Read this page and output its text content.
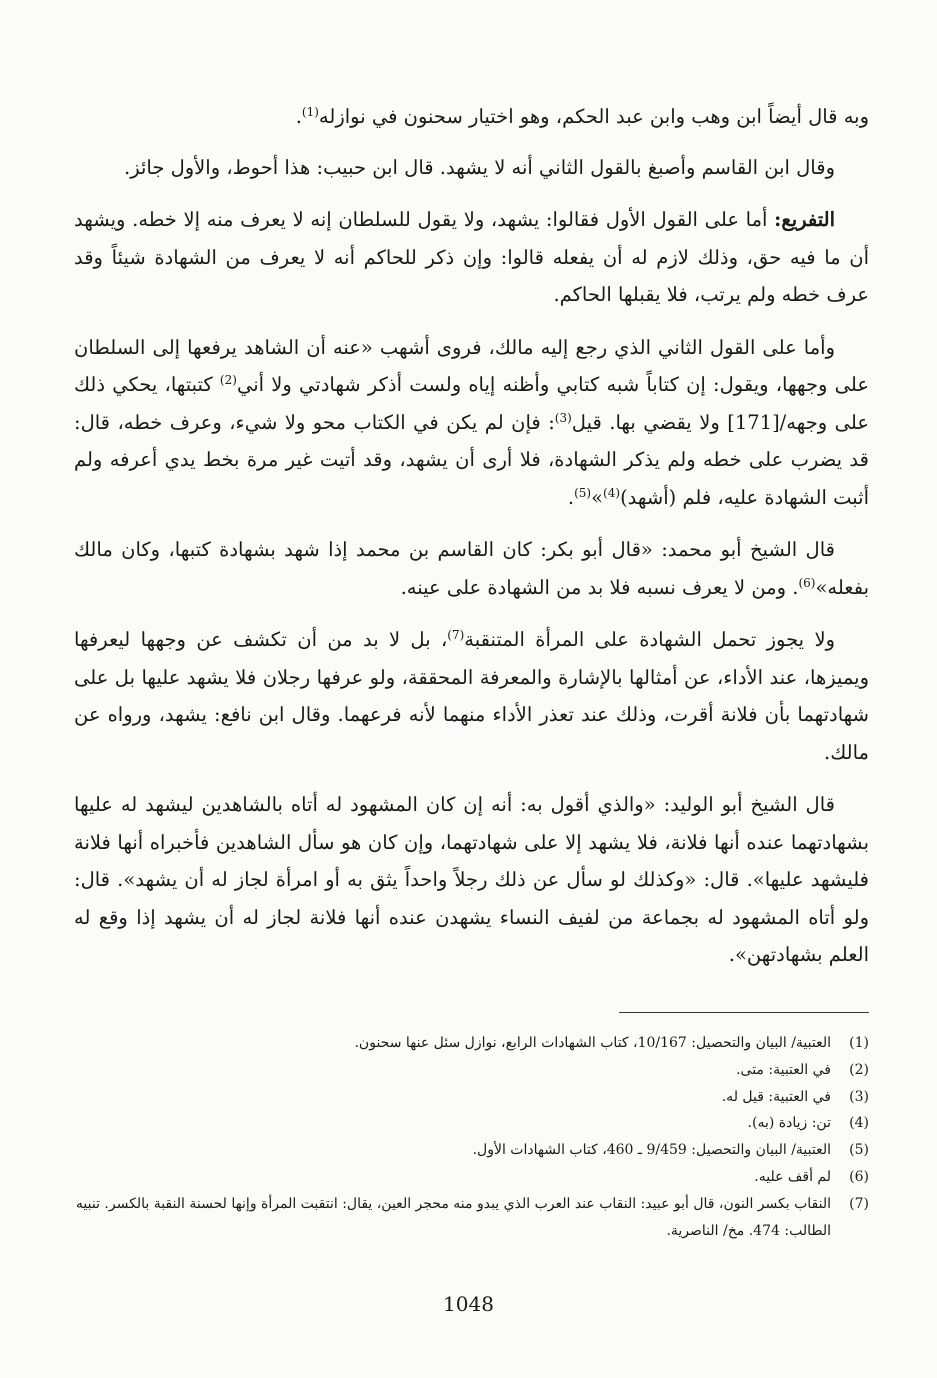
وبه قال أيضاً ابن وهب وابن عبد الحكم، وهو اختيار سحنون في نوازله$^{(1)}$.

وقال ابن القاسم وأصبغ بالقول الثاني أنه لا يشهد. قال ابن حبيب: هذا أحوط، والأول جائز.

التفريع: أما على القول الأول فقالوا: يشهد، ولا يقول للسلطان إنه لا يعرف منه إلا خطه. ويشهد أن ما فيه حق، وذلك لازم له أن يفعله قالوا: وإن ذكر للحاكم أنه لا يعرف من الشهادة شيئاً وقد عرف خطه ولم يرتب، فلا يقبلها الحاكم.

وأما على القول الثاني الذي رجع إليه مالك، فروى أشهب «عنه أن الشاهد يرفعها إلى السلطان على وجهها، ويقول: إن كتاباً شبه كتابي وأظنه إياه ولست أذكر شهادتي ولا أني$^{(2)}$ كتبتها، يحكي ذلك على وجهه/[171] ولا يقضي بها. قيل$^{(3)}$: فإن لم يكن في الكتاب محو ولا شيء، وعرف خطه، قال: قد يضرب على خطه ولم يذكر الشهادة، فلا أرى أن يشهد، وقد أتيت غير مرة بخط يدي أعرفه ولم أثبت الشهادة عليه، فلم (أشهد)$^{(4)}$»$^{(5)}$.

قال الشيخ أبو محمد: «قال أبو بكر: كان القاسم بن محمد إذا شهد بشهادة كتبها، وكان مالك بفعله»$^{(6)}$. ومن لا يعرف نسبه فلا بد من الشهادة على عينه.

ولا يجوز تحمل الشهادة على المرأة المتنقبة$^{(7)}$، بل لا بد من أن تكشف عن وجهها ليعرفها ويميزها، عند الأداء، عن أمثالها بالإشارة والمعرفة المحققة، ولو عرفها رجلان فلا يشهد عليها بل على شهادتهما بأن فلانة أقرت، وذلك عند تعذر الأداء منهما لأنه فرعهما. وقال ابن نافع: يشهد، ورواه عن مالك.

قال الشيخ أبو الوليد: «والذي أقول به: أنه إن كان المشهود له أتاه بالشاهدين ليشهد له عليها بشهادتهما عنده أنها فلانة، فلا يشهد إلا على شهادتهما، وإن كان هو سأل الشاهدين فأخبراه أنها فلانة فليشهد عليها». قال: «وكذلك لو سأل عن ذلك رجلاً واحداً يثق به أو امرأة لجاز له أن يشهد». قال: ولو أتاه المشهود له بجماعة من لفيف النساء يشهدن عنده أنها فلانة لجاز له أن يشهد إذا وقع له العلم بشهادتهن».

(1)
العتبية/ البيان والتحصيل: 10/167، كتاب الشهادات الرابع، نوازل سئل عنها سحنون.
(2)
في العتبية: متى.
(3)
في العتبية: قيل له.
(4)
تن: زيادة (به).
(5)
العتبية/ البيان والتحصيل: 9/459 ـ 460، كتاب الشهادات الأول.
(6)
لم أقف عليه.
(7)
النقاب بكسر النون، قال أبو عبيد: النقاب عند العرب الذي يبدو منه محجر العين، يقال: انتقبت المرأة وإنها لحسنة النقبة بالكسر. تنبيه الطالب: 474. مخ/ الناصرية.
1048
